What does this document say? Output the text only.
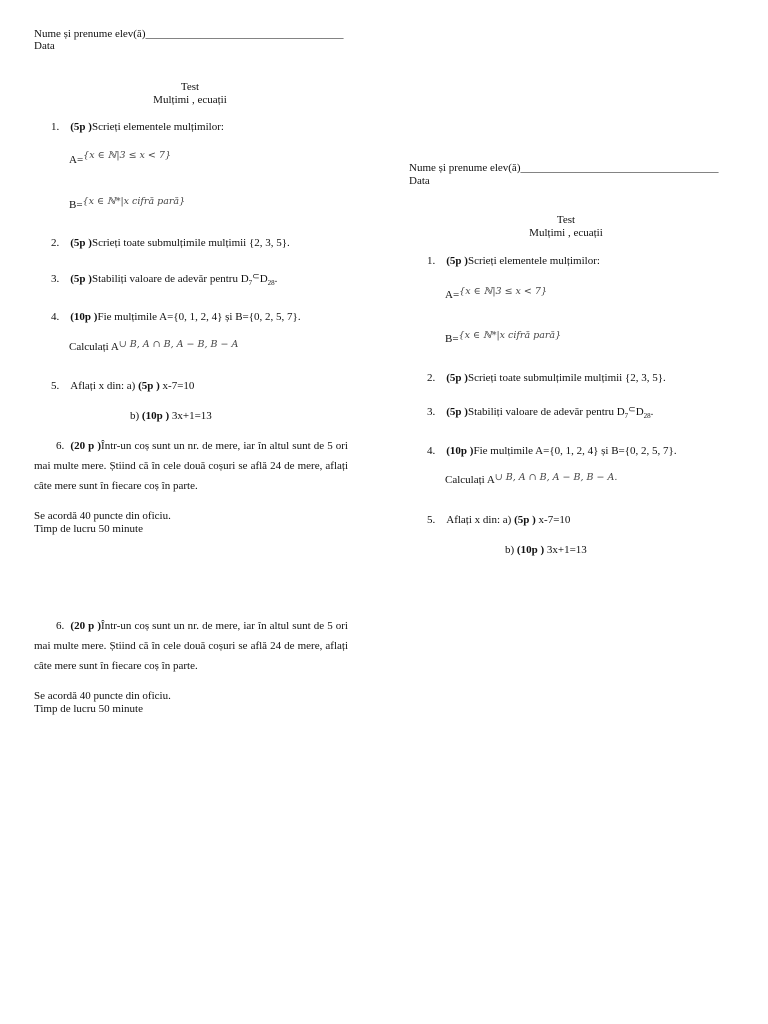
Nume și prenume elev(ă)____________________________________
Data
Test
Mulțimi , ecuații
1. (5p )Scrieți elementele mulțimilor:
A={x ∈ ℕ|3 ≤ x < 7}
B={x ∈ ℕ*|x cifră pară}
2. (5p )Scrieți toate submulțimile mulțimii {2, 3, 5}.
3. (5p )Stabiliți valoare de adevăr pentru $D_7^\subset D_{28}$.
4. (10p )Fie mulțimile A={0, 1, 2, 4} și B={0, 2, 5, 7}.
Calculați A∪ B, A ∩ B, A − B, B − A
5. Aflați x din: a) (5p ) x-7=10
b) (10p ) 3x+1=13
6. (20 p )Într-un coș sunt un nr. de mere, iar în altul sunt de 5 ori mai multe mere. Știind că în cele două coșuri se află 24 de mere, aflați câte mere sunt în fiecare coș în parte.
Se acordă 40 puncte din oficiu.
Timp de lucru 50 minute
6. (20 p )Într-un coș sunt un nr. de mere, iar în altul sunt de 5 ori mai multe mere. Știind că în cele două coșuri se află 24 de mere, aflați câte mere sunt în fiecare coș în parte.
Se acordă 40 puncte din oficiu.
Timp de lucru 50 minute
Nume și prenume elev(ă)____________________________________
Data
Test
Mulțimi , ecuații
1. (5p )Scrieți elementele mulțimilor:
A={x ∈ ℕ|3 ≤ x < 7}
B={x ∈ ℕ*|x cifră pară}
2. (5p )Scrieți toate submulțimile mulțimii {2, 3, 5}.
3. (5p )Stabiliți valoare de adevăr pentru $D_7^\subset D_{28}$.
4. (10p )Fie mulțimile A={0, 1, 2, 4} și B={0, 2, 5, 7}.
Calculați A∪ B, A ∩ B, A − B, B − A.
5. Aflați x din: a) (5p ) x-7=10
b) (10p ) 3x+1=13
